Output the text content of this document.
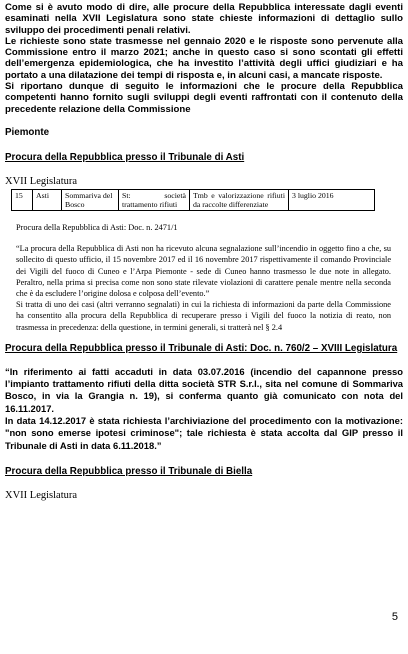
Come si è avuto modo di dire, alle procure della Repubblica interessate dagli eventi esaminati nella XVII Legislatura sono state chieste informazioni di dettaglio sullo sviluppo dei procedimenti penali relativi.

Le richieste sono state trasmesse nel gennaio 2020 e le risposte sono pervenute alla Commissione entro il marzo 2021; anche in questo caso si sono scontati gli effetti dell’emergenza epidemiologica, che ha investito l’attività degli uffici giudiziari e ha portato a una dilatazione dei tempi di risposta e, in alcuni casi, a mancate risposte.

Si riportano dunque di seguito le informazioni che le procure della Repubblica competenti hanno fornito sugli sviluppi degli eventi raffrontati con il contenuto della precedente relazione della Commissione

Piemonte

Procura della Repubblica presso il Tribunale di Asti

XVII Legislatura

15	Asti	Sommariva del Bosco	St: società trattamento rifiuti	Tmb e valorizzazione rifiuti da raccolte differenziate	3 luglio 2016

Procura della Repubblica di Asti: Doc. n. 2471/1

“La procura della Repubblica di Asti non ha ricevuto alcuna segnalazione sull’incendio in oggetto fino a che, su sollecito di questo ufficio, il 15 novembre 2017 ed il 16 novembre 2017 rispettivamente il comando Provinciale dei Vigili del fuoco di Cuneo e l’Arpa Piemonte - sede di Cuneo hanno trasmesso le due note in allegato. Peraltro, nella prima si precisa come non sono state rilevate violazioni di carattere penale mentre nella seconda che è da escludere l’origine dolosa e colposa dell’evento.”

Si tratta di uno dei casi (altri verranno segnalati) in cui la richiesta di informazioni da parte della Commissione ha consentito alla procura della Repubblica di recuperare presso i Vigili del fuoco la notizia di reato, non trasmessa in precedenza: della questione, in termini generali, si tratterà nel § 2.4

Procura della Repubblica presso il Tribunale di Asti: Doc. n. 760/2 – XVIII Legislatura

“In riferimento ai fatti accaduti in data 03.07.2016 (incendio del capannone presso l’impianto trattamento rifiuti della ditta società STR S.r.l., sita nel comune di Sommariva Bosco, in via la Grangia n. 19), si conferma quanto già comunicato con nota del 16.11.2017.

In data 14.12.2017 è stata richiesta l’archiviazione del procedimento con la motivazione: "non sono emerse ipotesi criminose"; tale richiesta è stata accolta dal GIP presso il Tribunale di Asti in data 6.11.2018.”

Procura della Repubblica presso il Tribunale di Biella

XVII Legislatura

5
